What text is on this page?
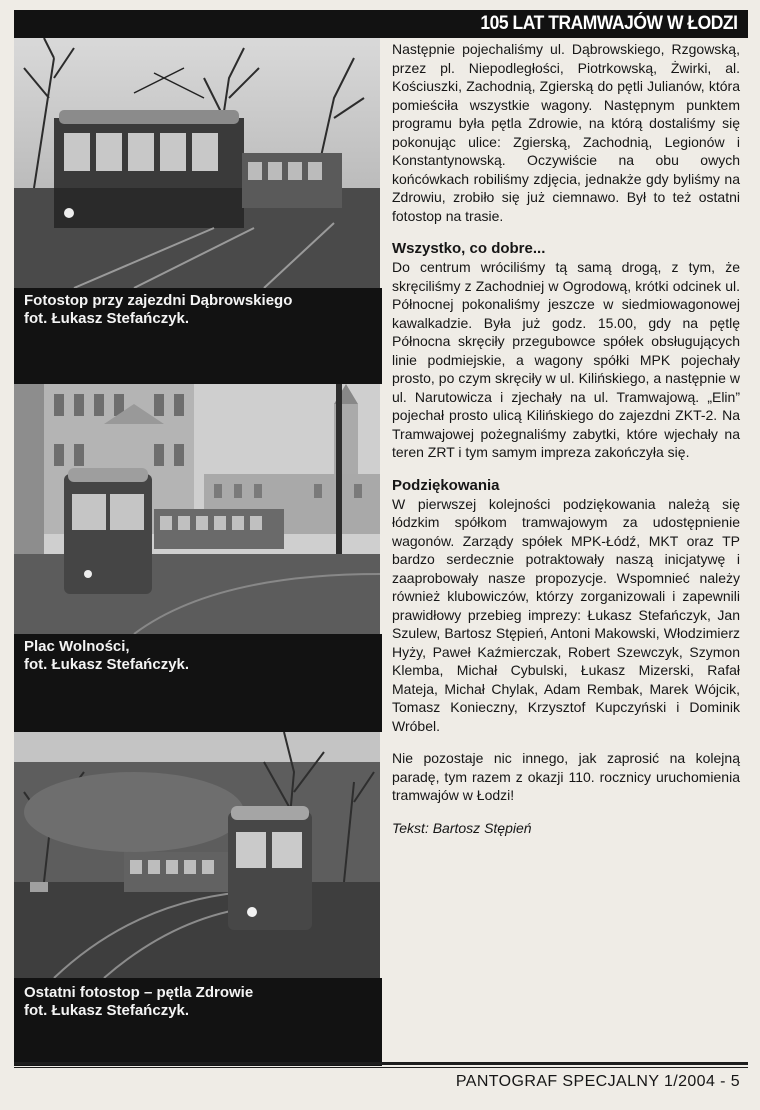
105 LAT TRAMWAJÓW W ŁODZI
Fotostop przy zajezdni Dąbrowskiego
fot. Łukasz Stefańczyk.
Plac Wolności,
fot. Łukasz Stefańczyk.
Ostatni fotostop – pętla Zdrowie
fot. Łukasz Stefańczyk.

Następnie pojechaliśmy ul. Dąbrowskiego, Rzgowską, przez pl. Niepodległości, Piotrkowską, Żwirki, al. Kościuszki, Zachodnią, Zgierską do pętli Julianów, która pomieściła wszystkie wagony. Następnym punktem programu była pętla Zdrowie, na którą dostaliśmy się pokonując ulice: Zgierską, Zachodnią, Legionów i Konstantynowską. Oczywiście na obu owych końcówkach robiliśmy zdjęcia, jednakże gdy byliśmy na Zdrowiu, zrobiło się już ciemnawo. Był to też ostatni fotostop na trasie.

Wszystko, co dobre...

Do centrum wróciliśmy tą samą drogą, z tym, że skręciliśmy z Zachodniej w Ogrodową, krótki odcinek ul. Północnej pokonaliśmy jeszcze w siedmiowagonowej kawalkadzie. Była już godz. 15.00, gdy na pętlę Północna skręciły przegubowce spółek obsługujących linie podmiejskie, a wagony spółki MPK pojechały prosto, po czym skręciły w ul. Kilińskiego, a następnie w ul. Narutowicza i zjechały na ul. Tramwajową. „Elin” pojechał prosto ulicą Kilińskiego do zajezdni ZKT-2. Na Tramwajowej pożegnaliśmy zabytki, które wjechały na teren ZRT i tym samym impreza zakończyła się.

Podziękowania

W pierwszej kolejności podziękowania należą się łódzkim spółkom tramwajowym za udostępnienie wagonów. Zarządy spółek MPK-Łódź, MKT oraz TP bardzo serdecznie potraktowały naszą inicjatywę i zaaprobowały nasze propozycje. Wspomnieć należy również klubowiczów, którzy zorganizowali i zapewnili prawidłowy przebieg imprezy: Łukasz Stefańczyk, Jan Szulew, Bartosz Stępień, Antoni Makowski, Włodzimierz Hyży, Paweł Kaźmierczak, Robert Szewczyk, Szymon Klemba, Michał Cybulski, Łukasz Mizerski, Rafał Mateja, Michał Chylak, Adam Rembak, Marek Wójcik, Tomasz Konieczny, Krzysztof Kupczyński i Dominik Wróbel.

Nie pozostaje nic innego, jak zaprosić na kolejną paradę, tym razem z okazji 110. rocznicy uruchomienia tramwajów w Łodzi!

Tekst: Bartosz Stępień

PANTOGRAF SPECJALNY 1/2004 - 5
